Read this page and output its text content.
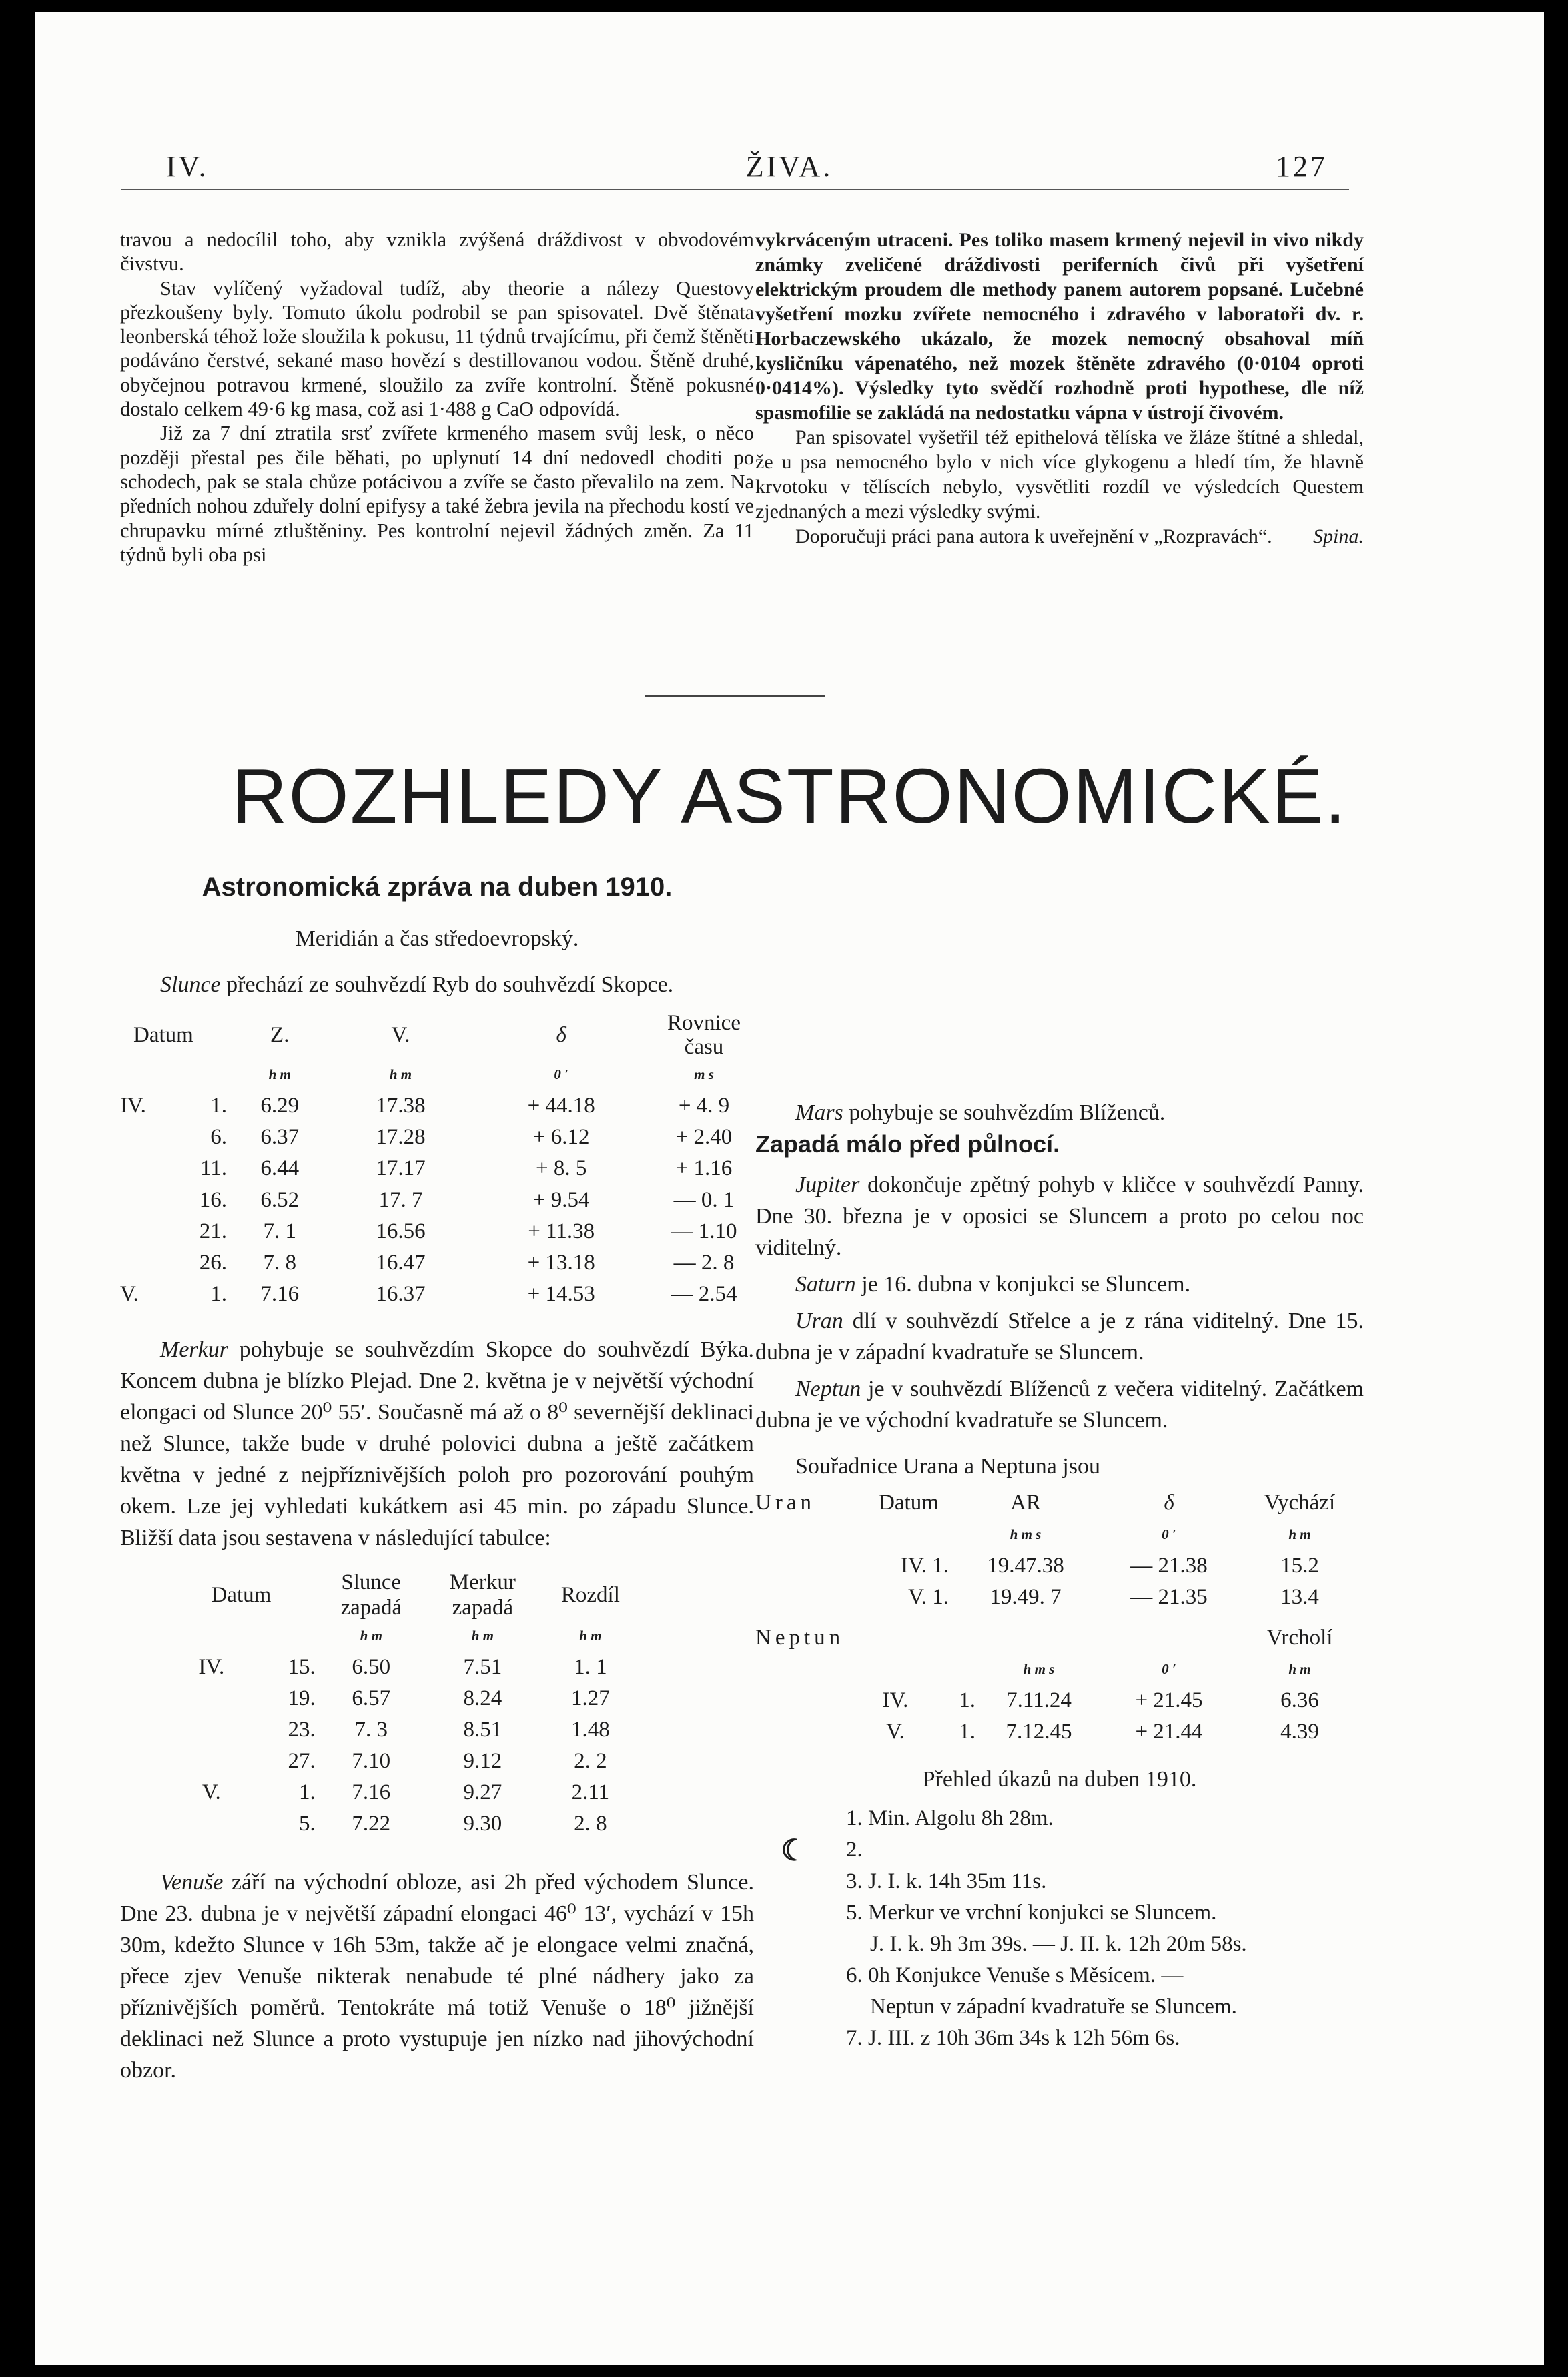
IV.	ŽIVA.	127

travou a nedocílil toho, aby vznikla zvýšená dráždivost v obvodovém čivstvu.

Stav vylíčený vyžadoval tudíž, aby theorie a nálezy Questovy přezkoušeny byly. Tomuto úkolu podrobil se pan spisovatel. Dvě štěnata leonberská téhož lože sloužila k pokusu, 11 týdnů trvajícímu, při čemž štěněti podáváno čerstvé, sekané maso hovězí s destillovanou vodou. Štěně druhé, obyčejnou potravou krmené, sloužilo za zvíře kontrolní. Štěně pokusné dostalo celkem 49·6 kg masa, což asi 1·488 g CaO odpovídá.

Již za 7 dní ztratila srsť zvířete krmeného masem svůj lesk, o něco později přestal pes čile běhati, po uplynutí 14 dní nedovedl choditi po schodech, pak se stala chůze potácivou a zvíře se často převalilo na zem. Na předních nohou zduřely dolní epifysy a také žebra jevila na přechodu kostí ve chrupavku mírné ztluštěniny. Pes kontrolní nejevil žádných změn. Za 11 týdnů byli oba psi

vykrváceným utraceni. Pes toliko masem krmený nejevil in vivo nikdy známky zveličené dráždivosti periferních čivů při vyšetření elektrickým proudem dle methody panem autorem popsané. Lučebné vyšetření mozku zvířete nemocného i zdravého v laboratoři dv. r. Horbaczewského ukázalo, že mozek nemocný obsahoval míň kysličníku vápenatého, než mozek štěněte zdravého (0·0104 oproti 0·0414%). Výsledky tyto svědčí rozhodně proti hypothese, dle níž spasmofilie se zakládá na nedostatku vápna v ústrojí čivovém.

Pan spisovatel vyšetřil též epithelová tělíska ve žláze štítné a shledal, že u psa nemocného bylo v nich více glykogenu a hledí tím, že hlavně krvotoku v tělíscích nebylo, vysvětliti rozdíl ve výsledcích Questem zjednaných a mezi výsledky svými.

Doporučuji práci pana autora k uveřejnění v „Rozpravách“.	Spina.

ROZHLEDY ASTRONOMICKÉ.
Astronomická zpráva na duben 1910.
Meridián a čas středoevropský.

Slunce přechází ze souhvězdí Ryb do souhvězdí Skopce.

Datum		Z.	V.	δ	Rovnice času
		h m	h m	0 ′	m s
IV.	1.	6.29	17.38	+ 44.18	+ 4. 9
	6.	6.37	17.28	+ 6.12	+ 2.40
	11.	6.44	17.17	+ 8. 5	+ 1.16
	16.	6.52	17. 7	+ 9.54	— 0. 1
	21.	7. 1	16.56	+ 11.38	— 1.10
	26.	7. 8	16.47	+ 13.18	— 2. 8
V.	1.	7.16	16.37	+ 14.53	— 2.54

Merkur pohybuje se souhvězdím Skopce do souhvězdí Býka. Koncem dubna je blízko Plejad. Dne 2. května je v největší východní elongaci od Slunce 20⁰ 55′. Současně má až o 8⁰ severnější deklinaci než Slunce, takže bude v druhé polovici dubna a ještě začátkem května v jedné z nejpříznivějších poloh pro pozorování pouhým okem. Lze jej vyhledati kukátkem asi 45 min. po západu Slunce. Bližší data jsou sestavena v následující tabulce:

Datum		Slunce zapadá	Merkur zapadá	Rozdíl	
		h m	h m	h m	
IV.	15.	6.50	7.51	1. 1	
	19.	6.57	8.24	1.27	
	23.	7. 3	8.51	1.48	
	27.	7.10	9.12	2. 2	
V.	1.	7.16	9.27	2.11	
	5.	7.22	9.30	2. 8	

Venuše září na východní obloze, asi 2h před východem Slunce. Dne 23. dubna je v největší západní elongaci 46⁰ 13′, vychází v 15h 30m, kdežto Slunce v 16h 53m, takže ač je elongace velmi značná, přece zjev Venuše nikterak nenabude té plné nádhery jako za příznivějších poměrů. Tentokráte má totiž Venuše o 18⁰ jižnější deklinaci než Slunce a proto vystupuje jen nízko nad jihovýchodní obzor.

Mars pohybuje se souhvězdím Blíženců.

Zapadá málo před půlnocí.

Jupiter dokončuje zpětný pohyb v kličce v souhvězdí Panny. Dne 30. března je v oposici se Sluncem a proto po celou noc viditelný.

Saturn je 16. dubna v konjukci se Sluncem.

Uran dlí v souhvězdí Střelce a je z rána viditelný. Dne 15. dubna je v západní kvadratuře se Sluncem.

Neptun je v souhvězdí Blíženců z večera viditelný. Začátkem dubna je ve východní kvadratuře se Sluncem.

Souřadnice Urana a Neptuna jsou

Uran	Datum	AR	δ	Vychází
		h m s	0 ′	h m
	IV. 1.	19.47.38	— 21.38	15.2
	V. 1.	19.49. 7	— 21.35	13.4
Neptun					Vrcholí
			h m s	0 ′	h m
	IV.	1.	7.11.24	+ 21.45	6.36
	V.	1.	7.12.45	+ 21.44	4.39
Přehled úkazů na duben 1910.
☾
1. Min. Algolu 8h 28m.
2.
3. J. I. k. 14h 35m 11s.
5. Merkur ve vrchní konjukci se Sluncem.
J. I. k. 9h 3m 39s. — J. II. k. 12h 20m 58s.
6. 0h Konjukce Venuše s Měsícem. —
Neptun v západní kvadratuře se Sluncem.
7. J. III. z 10h 36m 34s k 12h 56m 6s.
